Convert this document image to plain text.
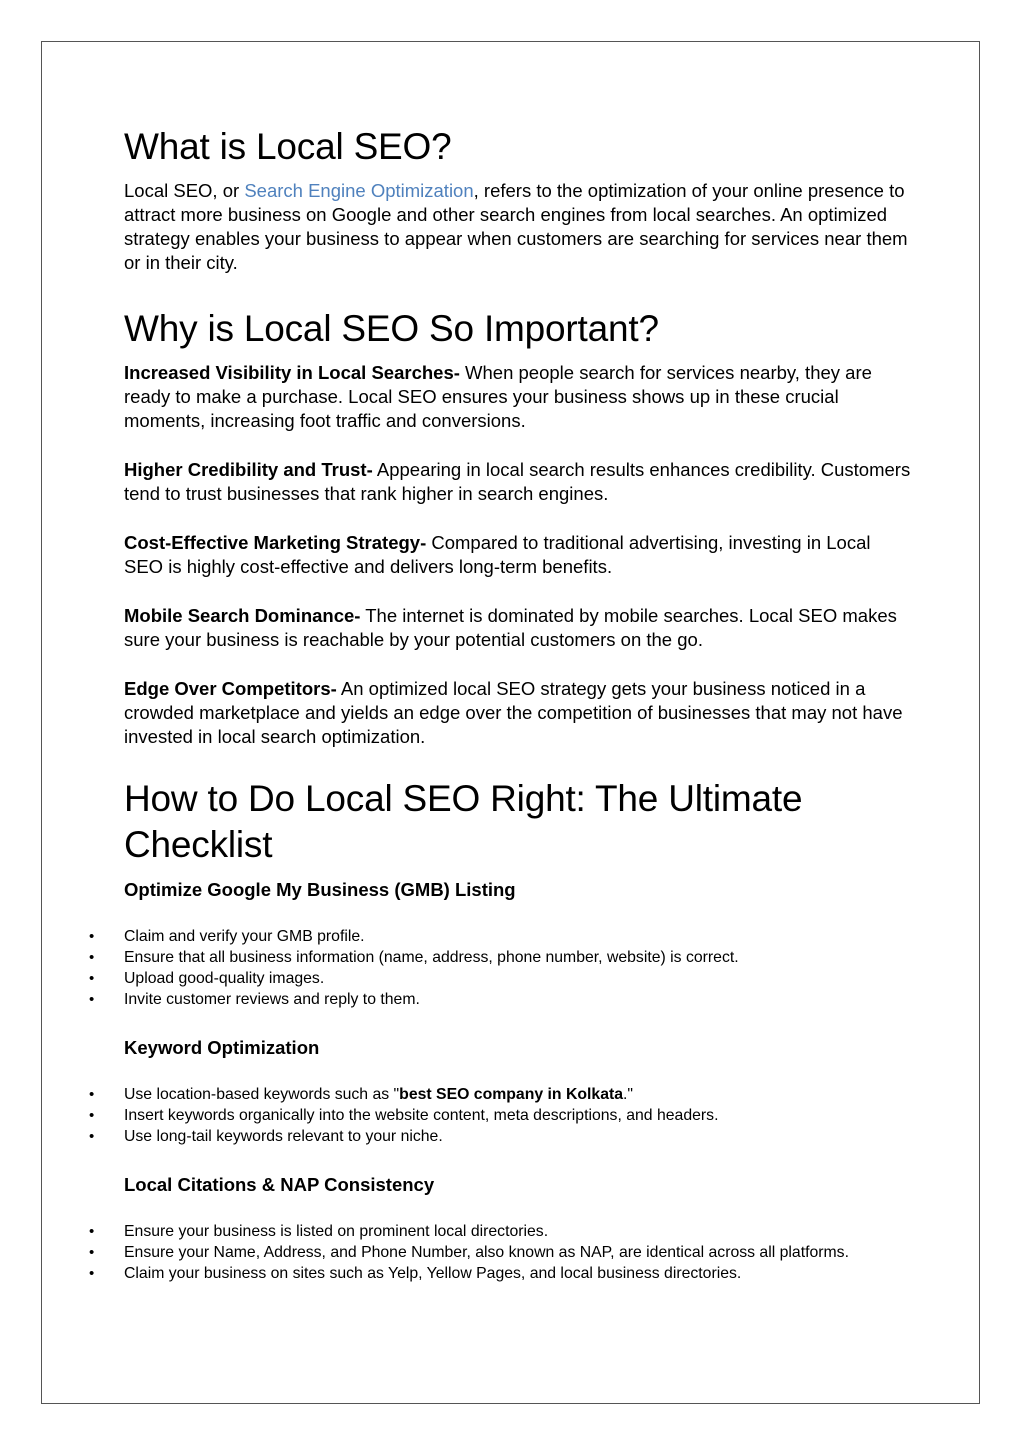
What is Local SEO?

Local SEO, or Search Engine Optimization, refers to the optimization of your online presence to attract more business on Google and other search engines from local searches. An optimized strategy enables your business to appear when customers are searching for services near them or in their city.

Why is Local SEO So Important?

Increased Visibility in Local Searches- When people search for services nearby, they are ready to make a purchase. Local SEO ensures your business shows up in these crucial moments, increasing foot traffic and conversions.

Higher Credibility and Trust- Appearing in local search results enhances credibility. Customers tend to trust businesses that rank higher in search engines.

Cost-Effective Marketing Strategy- Compared to traditional advertising, investing in Local SEO is highly cost-effective and delivers long-term benefits.

Mobile Search Dominance- The internet is dominated by mobile searches. Local SEO makes sure your business is reachable by your potential customers on the go.

Edge Over Competitors- An optimized local SEO strategy gets your business noticed in a crowded marketplace and yields an edge over the competition of businesses that may not have invested in local search optimization.

How to Do Local SEO Right: The Ultimate Checklist
Optimize Google My Business (GMB) Listing
• Claim and verify your GMB profile.
• Ensure that all business information (name, address, phone number, website) is correct.
• Upload good-quality images.
• Invite customer reviews and reply to them.
Keyword Optimization
• Use location-based keywords such as "best SEO company in Kolkata."
• Insert keywords organically into the website content, meta descriptions, and headers.
• Use long-tail keywords relevant to your niche.
Local Citations & NAP Consistency
• Ensure your business is listed on prominent local directories.
• Ensure your Name, Address, and Phone Number, also known as NAP, are identical across all platforms.
• Claim your business on sites such as Yelp, Yellow Pages, and local business directories.
